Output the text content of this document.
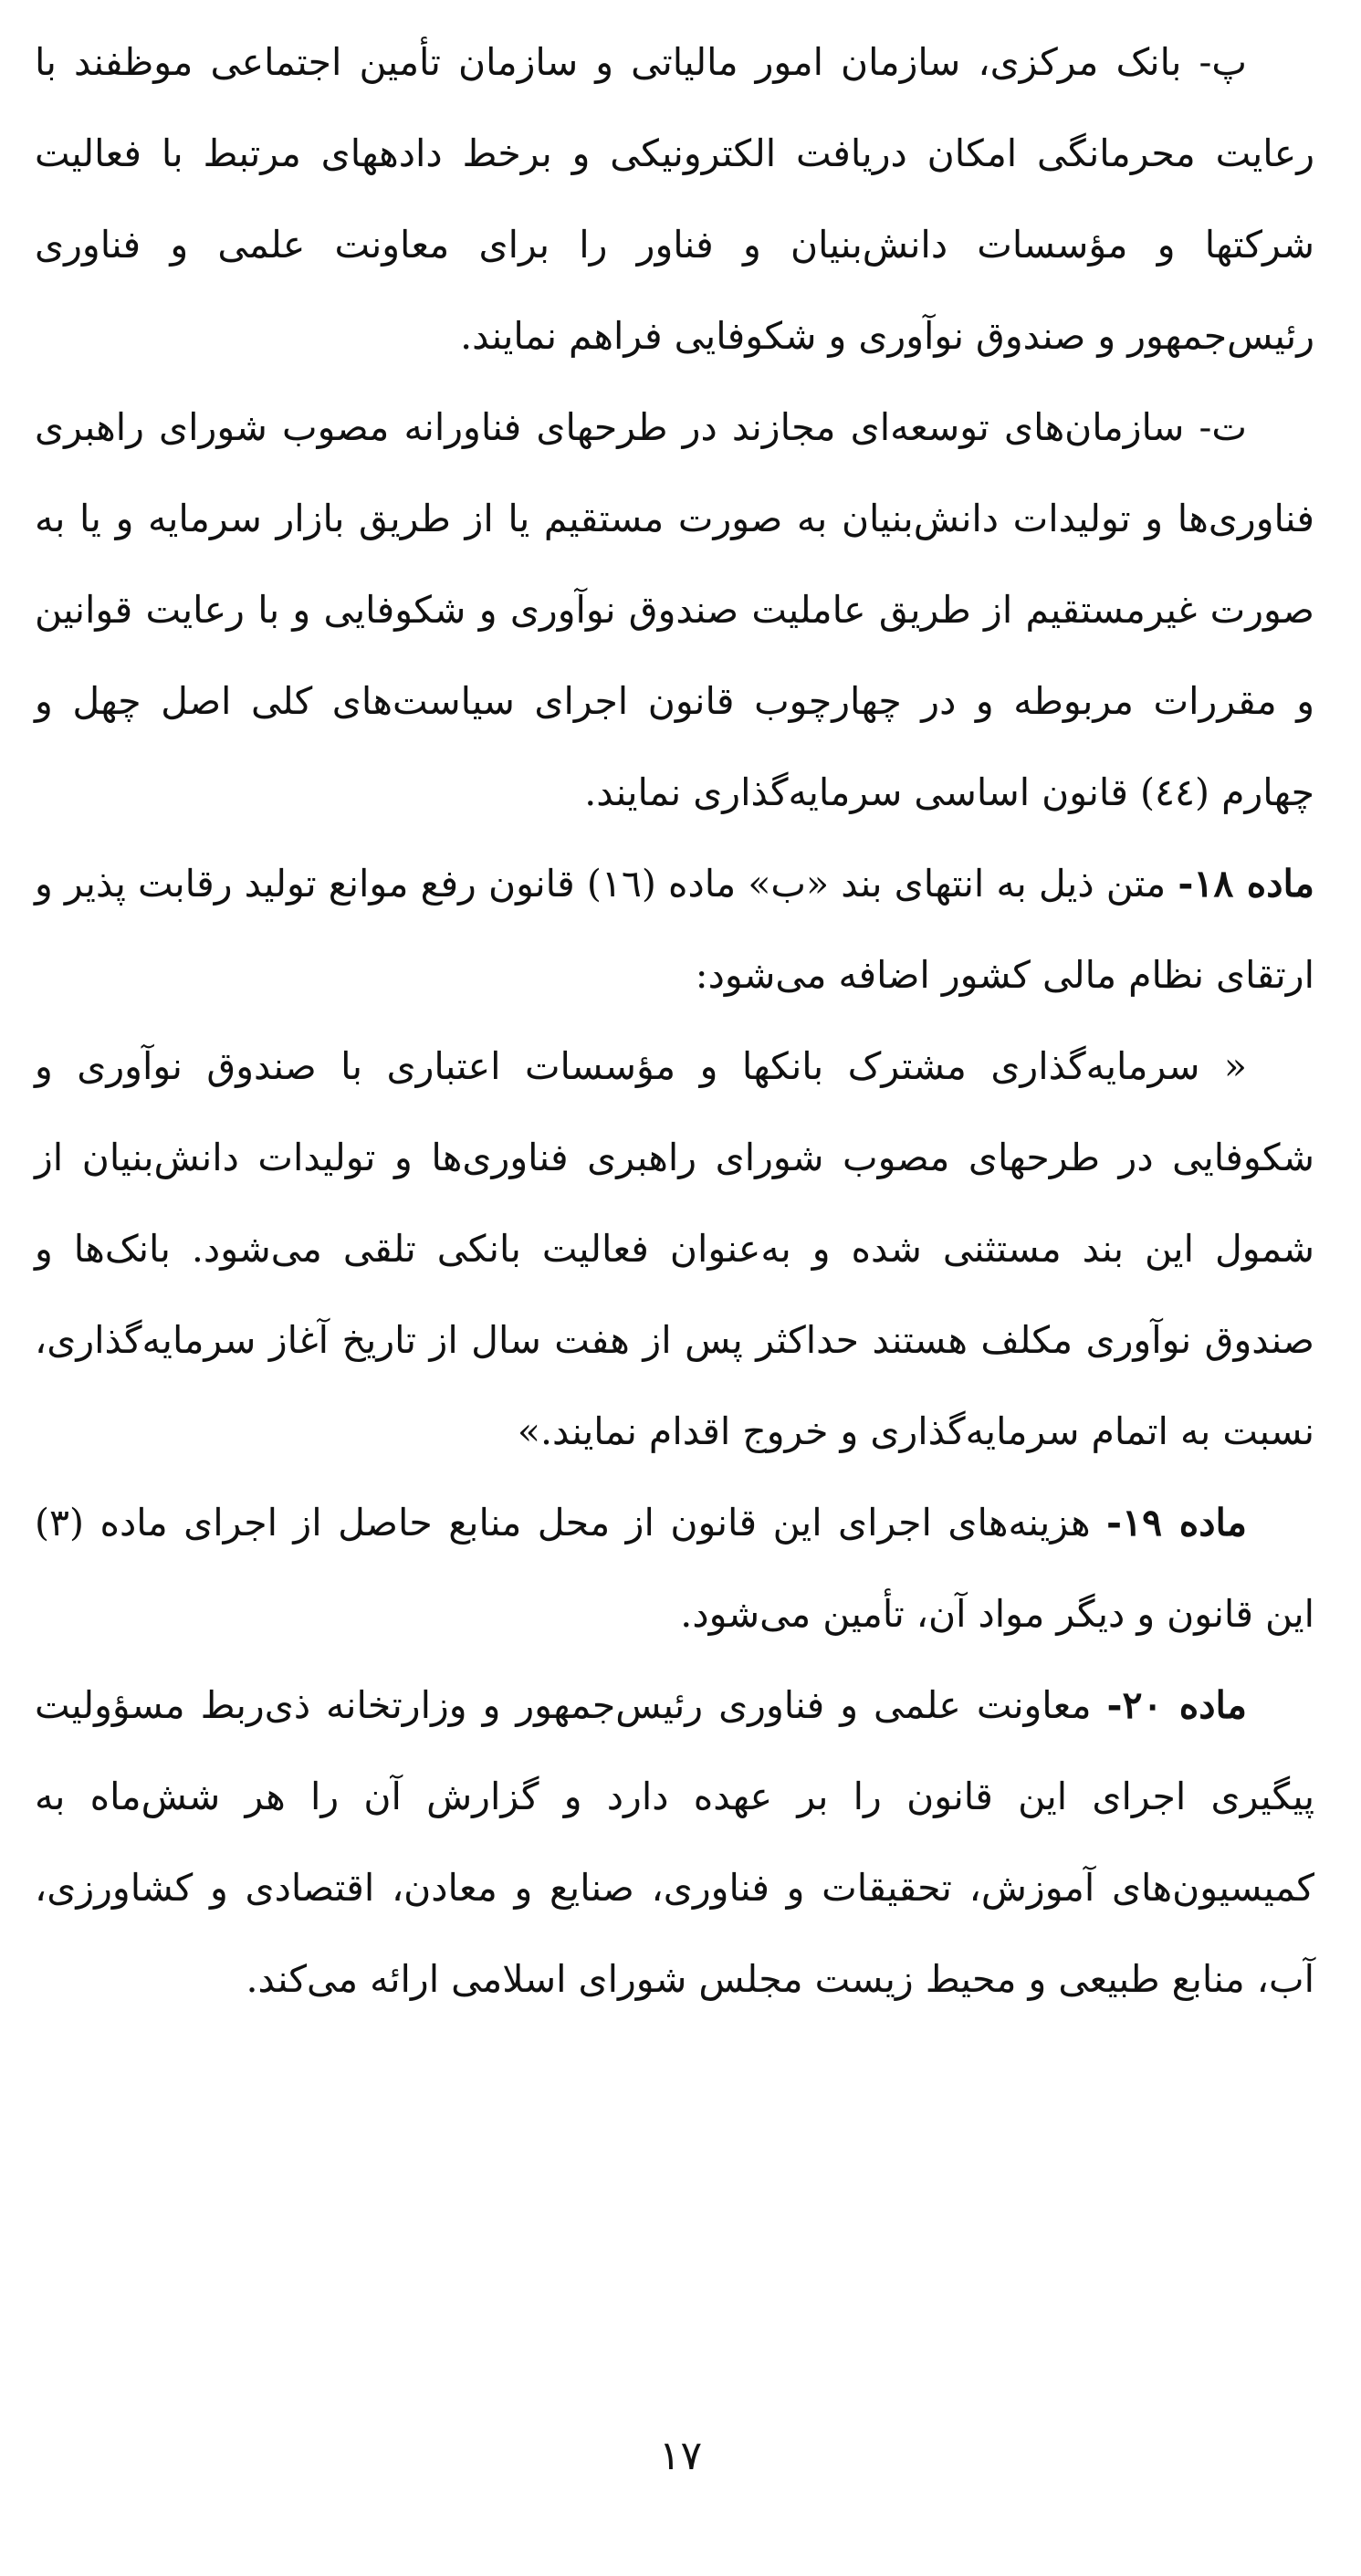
پ- بانک مرکزی، سازمان امور مالیاتی و سازمان تأمین اجتماعی موظفند با رعایت محرمانگی امکان دریافت الکترونیکی و برخط دادههای مرتبط با فعالیت شرکتها و مؤسسات دانش‌بنیان و فناور را برای معاونت علمی و فناوری رئیس‌جمهور و صندوق نوآوری و شکوفایی فراهم نمایند.

ت- سازمان‌های توسعه‌ای مجازند در طرحهای فناورانه مصوب شورای راهبری فناوری‌ها و تولیدات دانش‌بنیان به صورت مستقیم یا از طریق بازار سرمایه و یا به صورت غیرمستقیم از طریق عاملیت صندوق نوآوری و شکوفایی و با رعایت قوانین و مقررات مربوطه و در چهارچوب قانون اجرای سیاست‌های کلی اصل چهل و چهارم (٤٤) قانون اساسی سرمایه‌گذاری نمایند.

ماده ١٨- متن ذیل به انتهای بند «ب» ماده (١٦) قانون رفع موانع تولید رقابت پذیر و ارتقای نظام مالی کشور اضافه می‌شود:

« سرمایه‌گذاری مشترک بانکها و مؤسسات اعتباری با صندوق نوآوری و شکوفایی در طرحهای مصوب شورای راهبری فناوری‌ها و تولیدات دانش‌بنیان از شمول این بند مستثنی شده و به‌عنوان فعالیت بانکی تلقی می‌شود. بانک‌ها و صندوق نوآوری مکلف هستند حداکثر پس از هفت سال از تاریخ آغاز سرمایه‌گذاری، نسبت به اتمام سرمایه‌گذاری و خروج اقدام نمایند.»

ماده ١٩- هزینه‌های اجرای این قانون از محل منابع حاصل از اجرای ماده (٣) این قانون و دیگر مواد آن، تأمین می‌شود.

ماده ٢٠- معاونت علمی و فناوری رئیس‌جمهور و وزارتخانه ذی‌ربط مسؤولیت پیگیری اجرای این قانون را بر عهده دارد و گزارش آن را هر شش‌ماه به کمیسیون‌های آموزش، تحقیقات و فناوری، صنایع و معادن، اقتصادی و کشاورزی، آب، منابع طبیعی و محیط زیست مجلس شورای اسلامی ارائه می‌کند.

١٧
